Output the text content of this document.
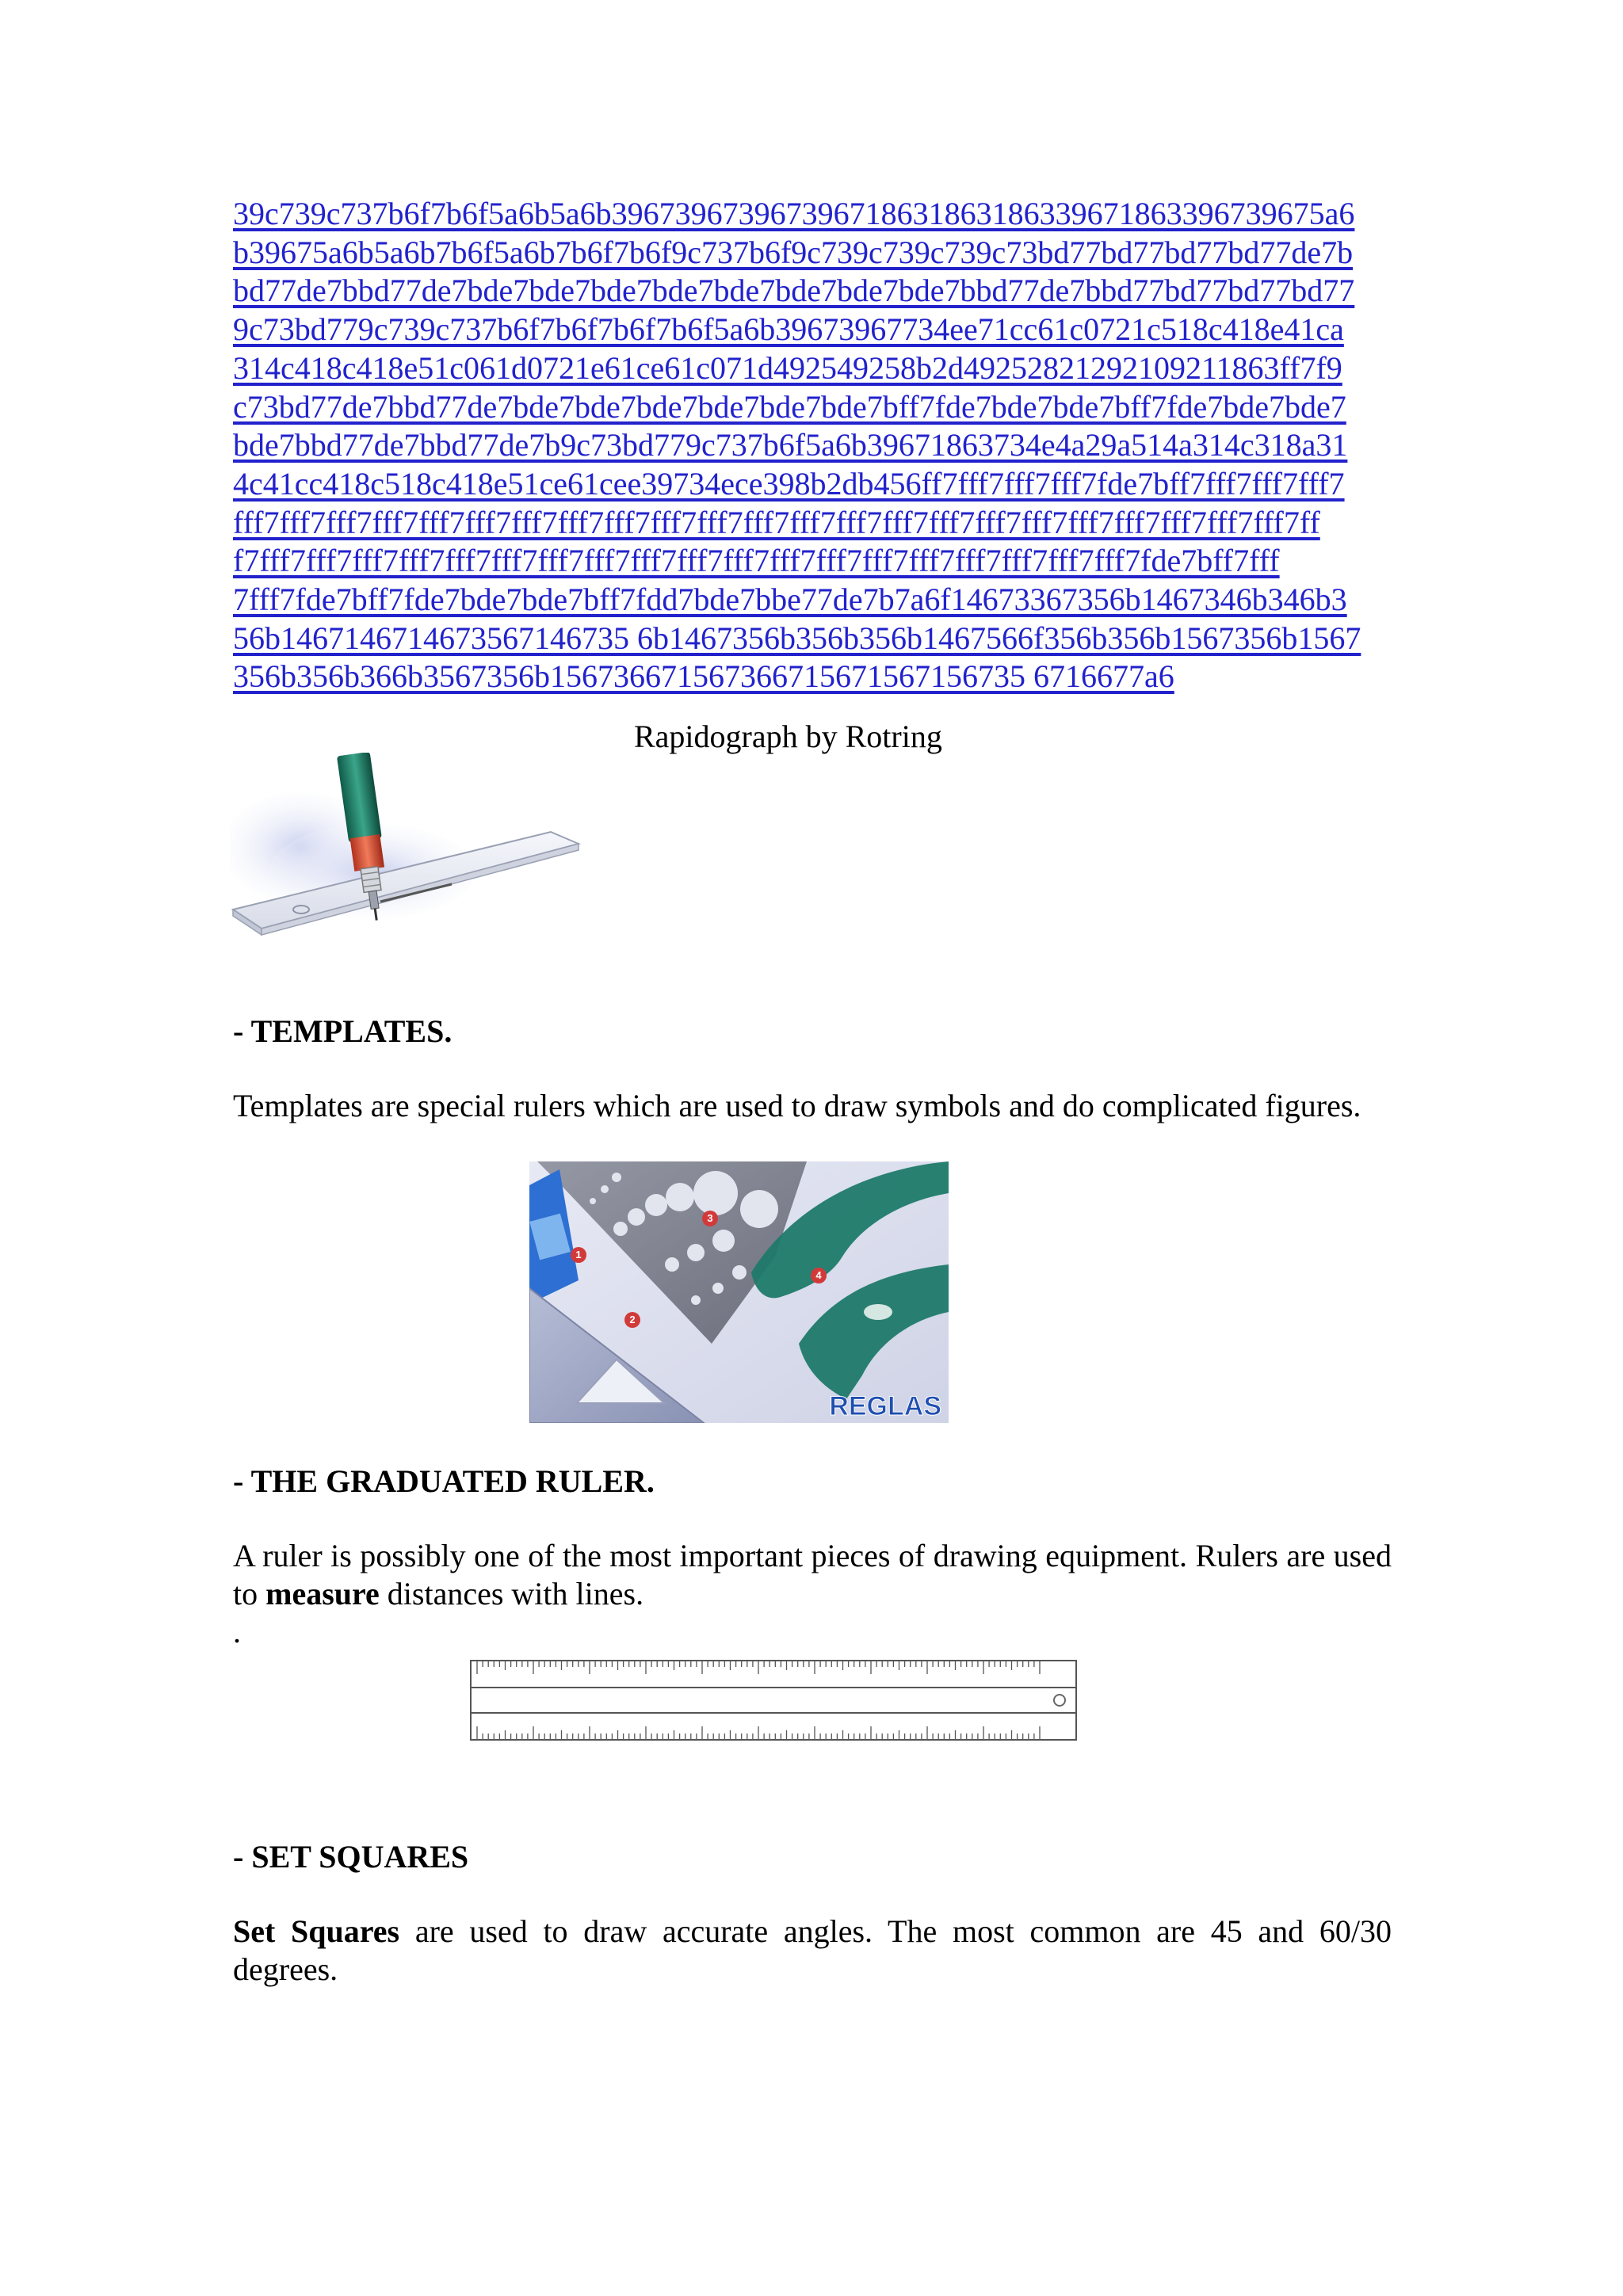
39c739c737b6f7b6f5a6b5a6b396739673967396718631863186339671863396739675a6
b39675a6b5a6b7b6f5a6b7b6f7b6f9c737b6f9c739c739c739c73bd77bd77bd77bd77de7b
bd77de7bbd77de7bde7bde7bde7bde7bde7bde7bde7bde7bbd77de7bbd77bd77bd77bd77
9c73bd779c739c737b6f7b6f7b6f7b6f5a6b39673967734ee71cc61c0721c518c418e41ca
314c418c418e51c061d0721e61ce61c071d492549258b2d49252821292109211863ff7f9
c73bd77de7bbd77de7bde7bde7bde7bde7bde7bde7bff7fde7bde7bde7bff7fde7bde7bde7
bde7bbd77de7bbd77de7b9c73bd779c737b6f5a6b39671863734e4a29a514a314c318a31
4c41cc418c518c418e51ce61cee39734ece398b2db456ff7fff7fff7fff7fde7bff7fff7fff7fff7
fff7fff7fff7fff7fff7fff7fff7fff7fff7fff7fff7fff7fff7fff7fff7fff7fff7fff7fff7fff7fff7fff7fff7ff
f7fff7fff7fff7fff7fff7fff7fff7fff7fff7fff7fff7fff7fff7fff7fff7fff7fff7fff7fff7fde7bff7fff
7fff7fde7bff7fde7bde7bde7bff7fdd7bde7bbe77de7b7a6f14673367356b1467346b346b3
56b1467146714673567146735 6b1467356b356b356b1467566f356b356b1567356b1567
356b356b366b3567356b156736671567366715671567156735 6716677a6
Rapidograph by Rotring
- TEMPLATES.
Templates are special rulers which are used to draw symbols and do complicated figures.
1
2
3
4
REGLAS
- THE GRADUATED RULER.
A ruler is possibly one of the most important pieces of drawing equipment. Rulers are used to measure distances with lines.
.
- SET SQUARES
Set Squares are used to draw accurate angles. The most common are 45 and 60/30 degrees.
